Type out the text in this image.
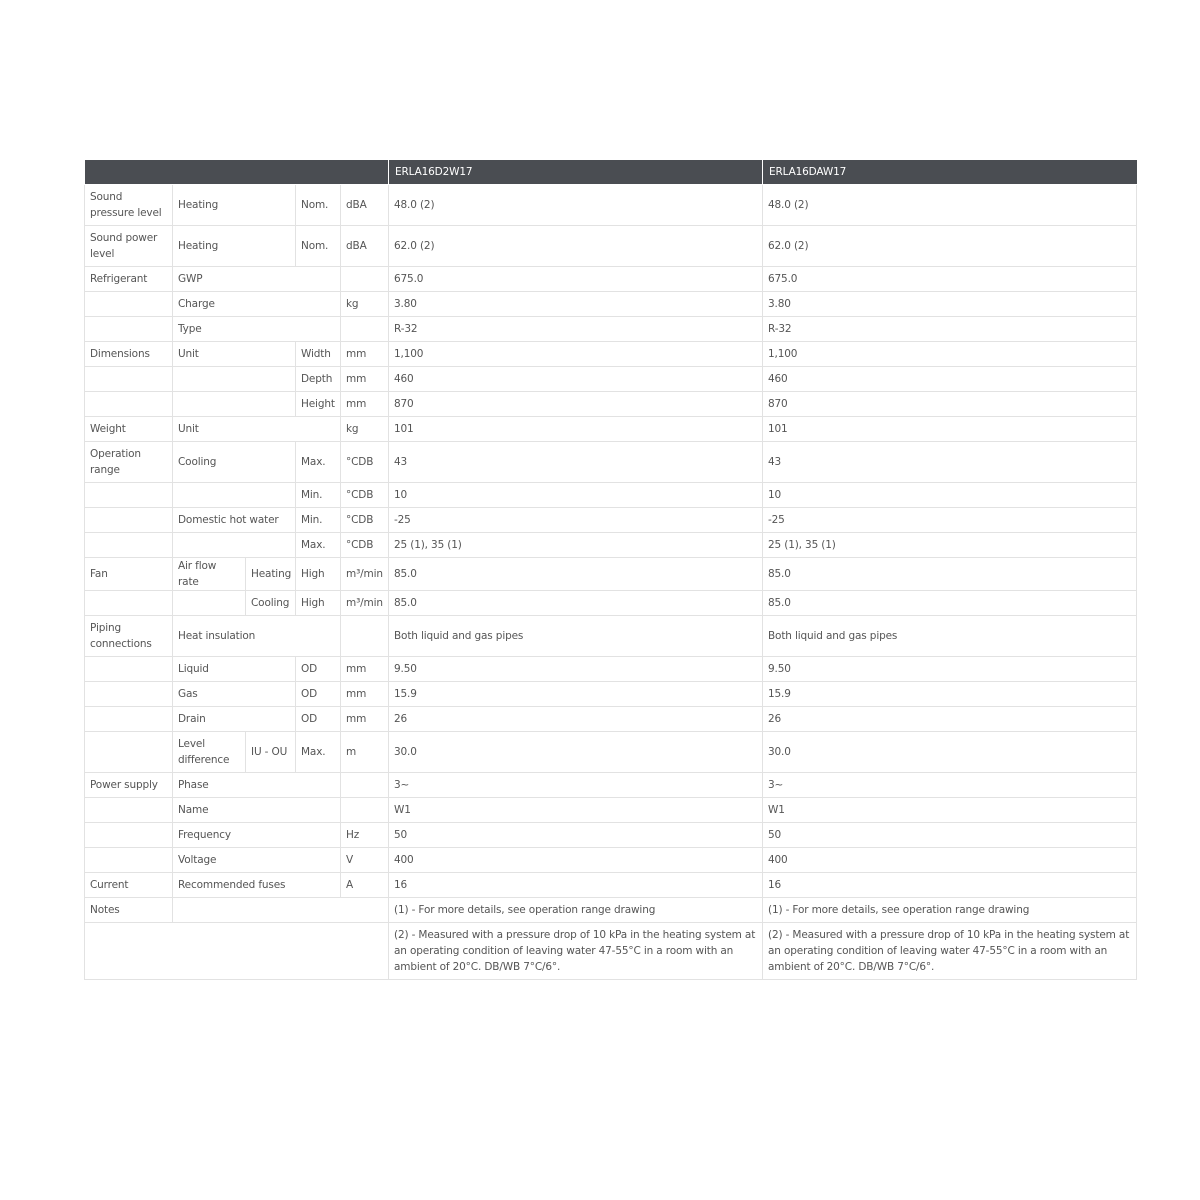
					ERLA16D2W17	ERLA16DAW17
Sound pressure level	Heating		Nom.	dBA	48.0 (2)	48.0 (2)
Sound power level	Heating		Nom.	dBA	62.0 (2)	62.0 (2)
Refrigerant	GWP				675.0	675.0
	Charge			kg	3.80	3.80
	Type				R-32	R-32
Dimensions	Unit		Width	mm	1,100	1,100
			Depth	mm	460	460
			Height	mm	870	870
Weight	Unit			kg	101	101
Operation range	Cooling		Max.	°CDB	43	43
			Min.	°CDB	10	10
	Domestic hot water		Min.	°CDB	-25	-25
			Max.	°CDB	25 (1), 35 (1)	25 (1), 35 (1)
Fan	Air flow rate	Heating	High	m³/min	85.0	85.0
		Cooling	High	m³/min	85.0	85.0
Piping connections	Heat insulation				Both liquid and gas pipes	Both liquid and gas pipes
	Liquid		OD	mm	9.50	9.50
	Gas		OD	mm	15.9	15.9
	Drain		OD	mm	26	26
	Level difference	IU - OU	Max.	m	30.0	30.0
Power supply	Phase				3~	3~
	Name				W1	W1
	Frequency			Hz	50	50
	Voltage			V	400	400
Current	Recommended fuses			A	16	16
Notes					(1) - For more details, see operation range drawing	(1) - For more details, see operation range drawing
					(2) - Measured with a pressure drop of 10 kPa in the heating system at an operating condition of leaving water 47-55°C in a room with an ambient of 20°C. DB/WB 7°C/6°.	(2) - Measured with a pressure drop of 10 kPa in the heating system at an operating condition of leaving water 47-55°C in a room with an ambient of 20°C. DB/WB 7°C/6°.
